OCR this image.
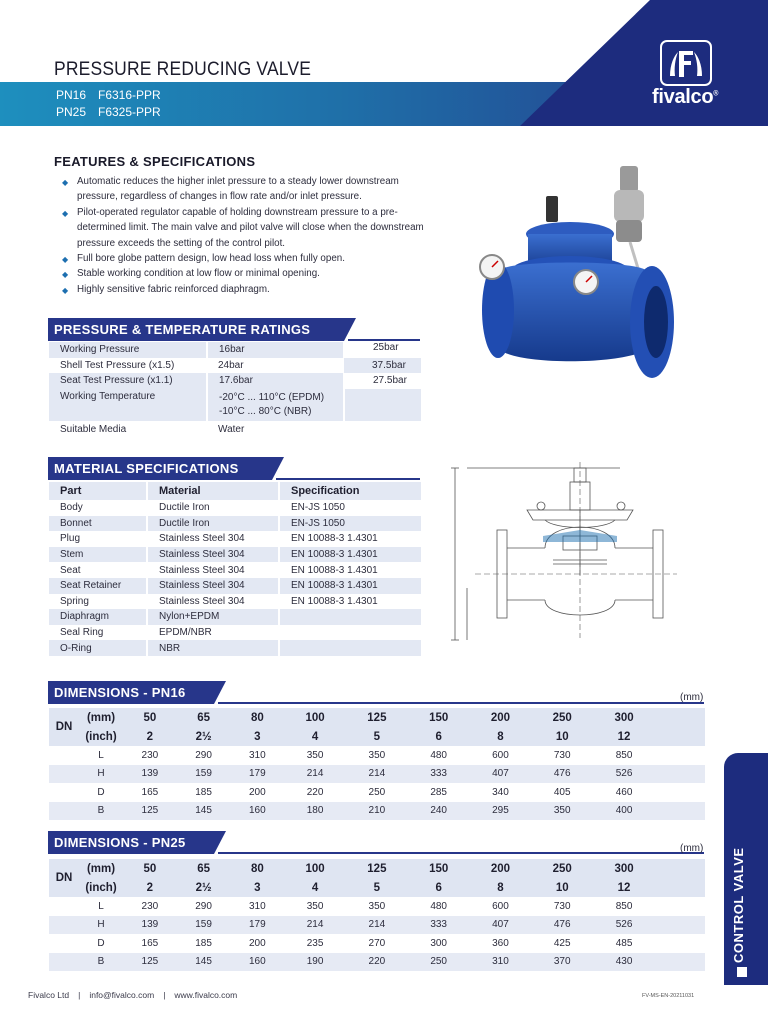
PRESSURE REDUCING VALVE
PN16 F6316-PPR
PN25 F6325-PPR
fivalco®
FEATURES & SPECIFICATIONS
◆ Automatic reduces the higher inlet pressure to a steady lower downstream pressure, regardless of changes in flow rate and/or inlet pressure.
◆ Pilot-operated regulator capable of holding downstream pressure to a pre-determined limit. The main valve and pilot valve will close when the downstream pressure exceeds the setting of the control pilot.
◆ Full bore globe pattern design, low head loss when fully open.
◆ Stable working condition at low flow or minimal opening.
◆ Highly sensitive fabric reinforced diaphragm.
PRESSURE & TEMPERATURE RATINGS
Working Pressure	16bar	25bar
Shell Test Pressure (x1.5)	24bar	37.5bar
Seat Test Pressure (x1.1)	17.6bar	27.5bar
Working Temperature	-20°C ... 110°C (EPDM)
-10°C ... 80°C (NBR)	

Suitable Media	Water	
MATERIAL SPECIFICATIONS
Part	Material	Specification
Body	Ductile Iron	EN-JS 1050
Bonnet	Ductile Iron	EN-JS 1050
Plug	Stainless Steel 304	EN 10088-3 1.4301
Stem	Stainless Steel 304	EN 10088-3 1.4301
Seat	Stainless Steel 304	EN 10088-3 1.4301
Seat Retainer	Stainless Steel 304	EN 10088-3 1.4301
Spring	Stainless Steel 304	EN 10088-3 1.4301
Diaphragm	Nylon+EPDM	
Seal Ring	EPDM/NBR	
O-Ring	NBR	
DIMENSIONS - PN16	(mm)
DN	(mm)	50	65	80	100	125	150	200	250	300	
	(inch)	2	2½	3	4	5	6	8	10	12	
	L	230	290	310	350	350	480	600	730	850	
	H	139	159	179	214	214	333	407	476	526	
	D	165	185	200	220	250	285	340	405	460	
	B	125	145	160	180	210	240	295	350	400	
DIMENSIONS - PN25	(mm)
DN	(mm)	50	65	80	100	125	150	200	250	300	
	(inch)	2	2½	3	4	5	6	8	10	12	
	L	230	290	310	350	350	480	600	730	850	
	H	139	159	179	214	214	333	407	476	526	
	D	165	185	200	235	270	300	360	425	485	
	B	125	145	160	190	220	250	310	370	430		CONTROL VALVE
Fivalco Ltd | info@fivalco.com | www.fivalco.com	FV-MS-EN-20211031
